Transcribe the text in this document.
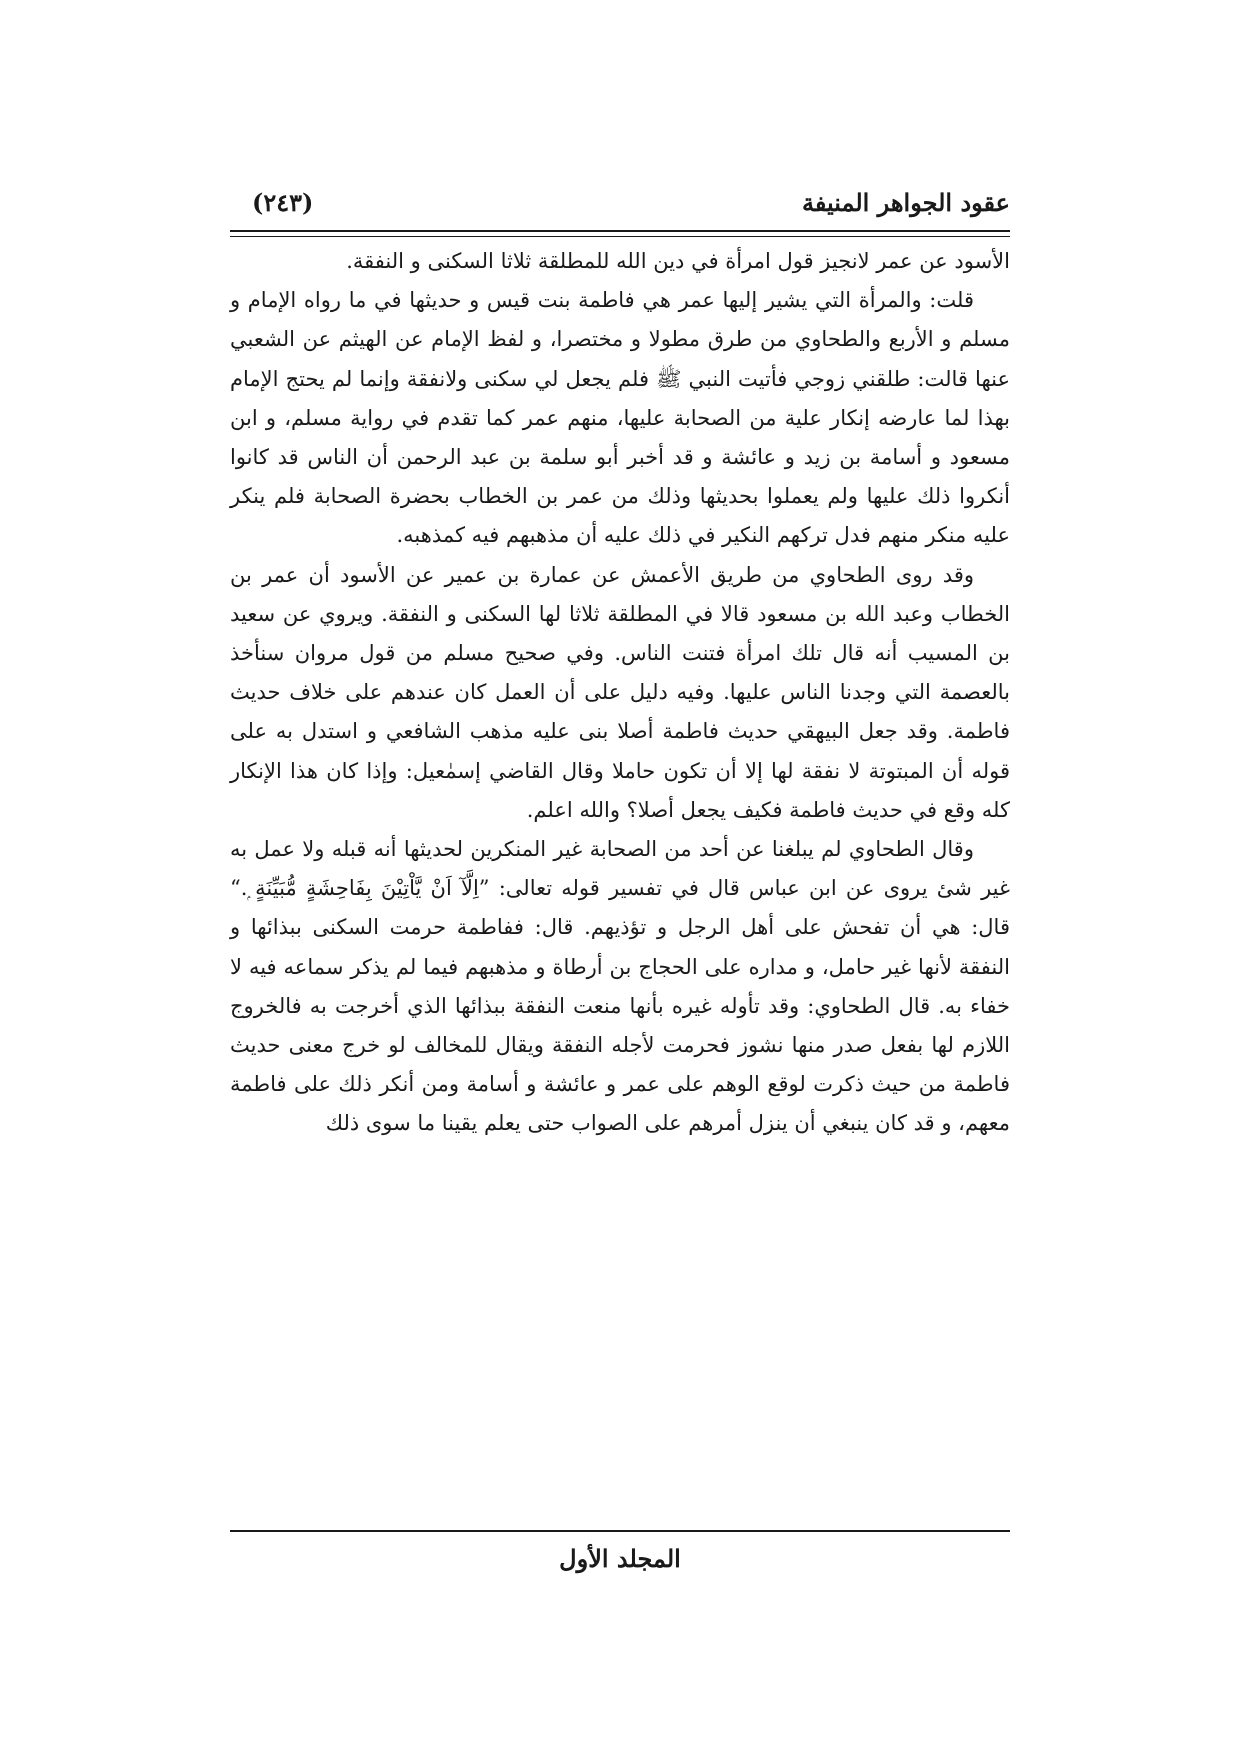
عقود الجواهر المنيفة
(٢٤٣)

الأسود عن عمر لانجيز قول امرأة في دين الله للمطلقة ثلاثا السكنى و النفقة.

قلت: والمرأة التي يشير إليها عمر هي فاطمة بنت قيس و حديثها في ما رواه الإمام و مسلم و الأربع والطحاوي من طرق مطولا و مختصرا، و لفظ الإمام عن الهيثم عن الشعبي عنها قالت: طلقني زوجي فأتيت النبي ﷺ فلم يجعل لي سكنى ولانفقة وإنما لم يحتج الإمام بهذا لما عارضه إنكار علية من الصحابة عليها، منهم عمر كما تقدم في رواية مسلم، و ابن مسعود و أسامة بن زيد و عائشة و قد أخبر أبو سلمة بن عبد الرحمن أن الناس قد كانوا أنكروا ذلك عليها ولم يعملوا بحديثها وذلك من عمر بن الخطاب بحضرة الصحابة فلم ينكر عليه منكر منهم فدل تركهم النكير في ذلك عليه أن مذهبهم فيه كمذهبه.

وقد روى الطحاوي من طريق الأعمش عن عمارة بن عمير عن الأسود أن عمر بن الخطاب وعبد الله بن مسعود قالا في المطلقة ثلاثا لها السكنى و النفقة. ويروي عن سعيد بن المسيب أنه قال تلك امرأة فتنت الناس. وفي صحيح مسلم من قول مروان سنأخذ بالعصمة التي وجدنا الناس عليها. وفيه دليل على أن العمل كان عندهم على خلاف حديث فاطمة. وقد جعل البيهقي حديث فاطمة أصلا بنى عليه مذهب الشافعي و استدل به على قوله أن المبتوتة لا نفقة لها إلا أن تكون حاملا وقال القاضي إسمٰعيل: وإذا كان هذا الإنكار كله وقع في حديث فاطمة فكيف يجعل أصلا؟ والله اعلم.

وقال الطحاوي لم يبلغنا عن أحد من الصحابة غير المنكرين لحديثها أنه قبله ولا عمل به غير شئ يروى عن ابن عباس قال في تفسير قوله تعالى: ”اِلَّآ اَنْ يَّاْتِيْنَ بِفَاحِشَةٍ مُّبَيِّنَةٍ ۭ.“ قال: هي أن تفحش على أهل الرجل و تؤذيهم. قال: ففاطمة حرمت السكنى ببذائها و النفقة لأنها غير حامل، و مداره على الحجاج بن أرطاة و مذهبهم فيما لم يذكر سماعه فيه لا خفاء به. قال الطحاوي: وقد تأوله غيره بأنها منعت النفقة ببذائها الذي أخرجت به فالخروج اللازم لها بفعل صدر منها نشوز فحرمت لأجله النفقة ويقال للمخالف لو خرج معنى حديث فاطمة من حيث ذكرت لوقع الوهم على عمر و عائشة و أسامة ومن أنكر ذلك على فاطمة معهم، و قد كان ينبغي أن ينزل أمرهم على الصواب حتى يعلم يقينا ما سوى ذلك

المجلد الأول
